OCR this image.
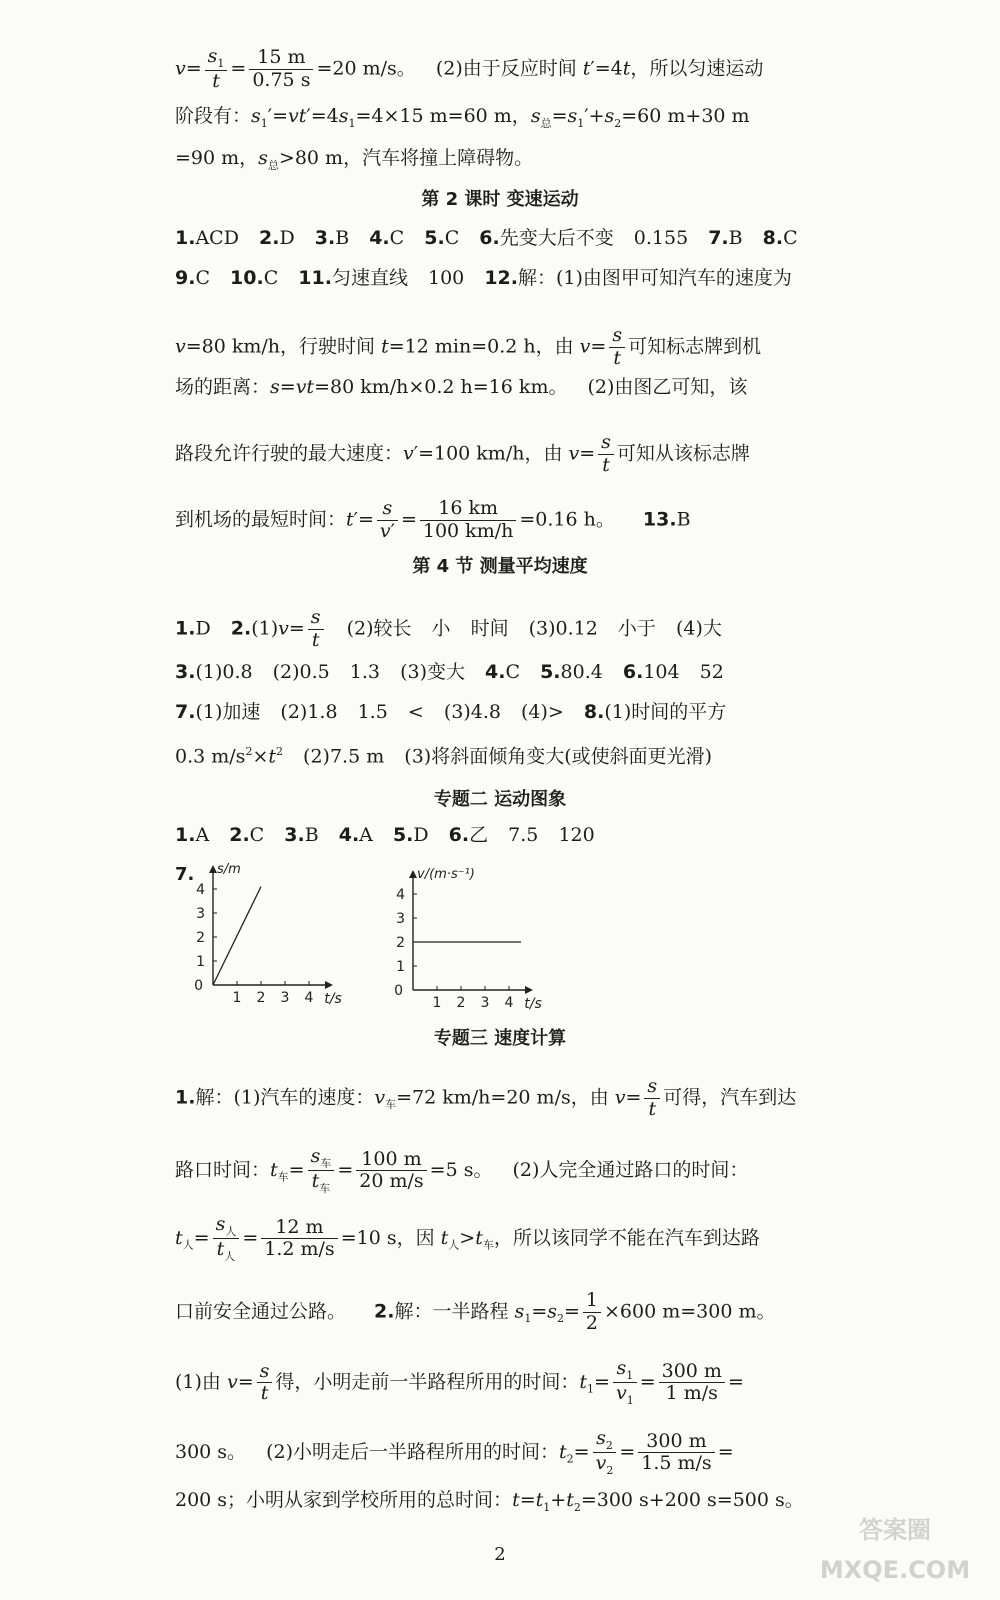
$v= \frac{s_1}{t} = \frac{15 m}{0.75 s} =20$ m/s。 (2)由于反应时间 t′=4t，所以匀速运动
阶段有：$s_1'=vt'=4s_1=4\times 15$ m=60 m，$s_总=s_1'+s_2=60$ m+30 m
=90 m，$s_总>80$ m，汽车将撞上障碍物。
第 2 课时 变速运动
1.ACD 2.D 3.B 4.C 5.C 6.先变大后不变 0.155 7.B 8.C
9.C 10.C 11.匀速直线 100 12.解：(1)由图甲可知汽车的速度为
v=80 km/h，行驶时间 t=12 min=0.2 h，由 $v= \frac{s}{t}$ 可知标志牌到机
场的距离：s=vt=80 km/h×0.2 h=16 km。 (2)由图乙可知，该
路段允许行驶的最大速度：v′=100 km/h，由 $v= \frac{s}{t}$ 可知从该标志牌
到机场的最短时间：$t'= \frac{s}{v'} = \frac{16 km}{100 km/h} =0.16$ h。 13.B
第 4 节 测量平均速度
1.D $2.(1)v= \frac{s}{t} (2)$较长 小 时间 (3)0.12 小于 (4)大
3.(1)0.8 (2)0.5 1.3 (3)变大 4.C 5.80.4 6.104 52
7.(1)加速 (2)1.8 1.5 < (3)4.8 (4)> 8.(1)时间的平方
0.3 $m/s^2\times t^2$ (2)7.5 m (3)将斜面倾角变大(或使斜面更光滑)
专题二 运动图象
1.A 2.C 3.B 4.A 5.D 6.乙 7.5 120
7.
1 2 3 4
1
2
3
4
0
t/s
s/m
1 2 3 4
1
2
3
4
0
t/s
v/(m·s⁻¹)
专题三 速度计算
1.解：(1)汽车的速度：$v_车=72$ km/h=20 m/s，由 $v= \frac{s}{t}$ 可得，汽车到达
路口时间：$t_车= \frac{s_车}{t_车} = \frac{100 m}{20 m/s} =5$ s。 (2)人完全通过路口的时间：
$t_人= \frac{s_人}{t_人} = \frac{12 m}{1.2 m/s} =10$ s，因 $t_人>t_车$，所以该同学不能在汽车到达路
口前安全通过公路。 2.解：一半路程 $s_1=s_2= \frac{1}{2} \times 600$ m=300 m。
(1)由 $v= \frac{s}{t}$ 得，小明走前一半路程所用的时间：$t_1= \frac{s_1}{v_1} = \frac{300 m}{1 m/s}$ =
300 s。 (2)小明走后一半路程所用的时间：$t_2= \frac{s_2}{v_2} = \frac{300 m}{1.5 m/s}$ =
200 s；小明从家到学校所用的总时间：$t=t_1+t_2=300$ s+200 s=500 s。
2
答案圈 MXQE.COM
